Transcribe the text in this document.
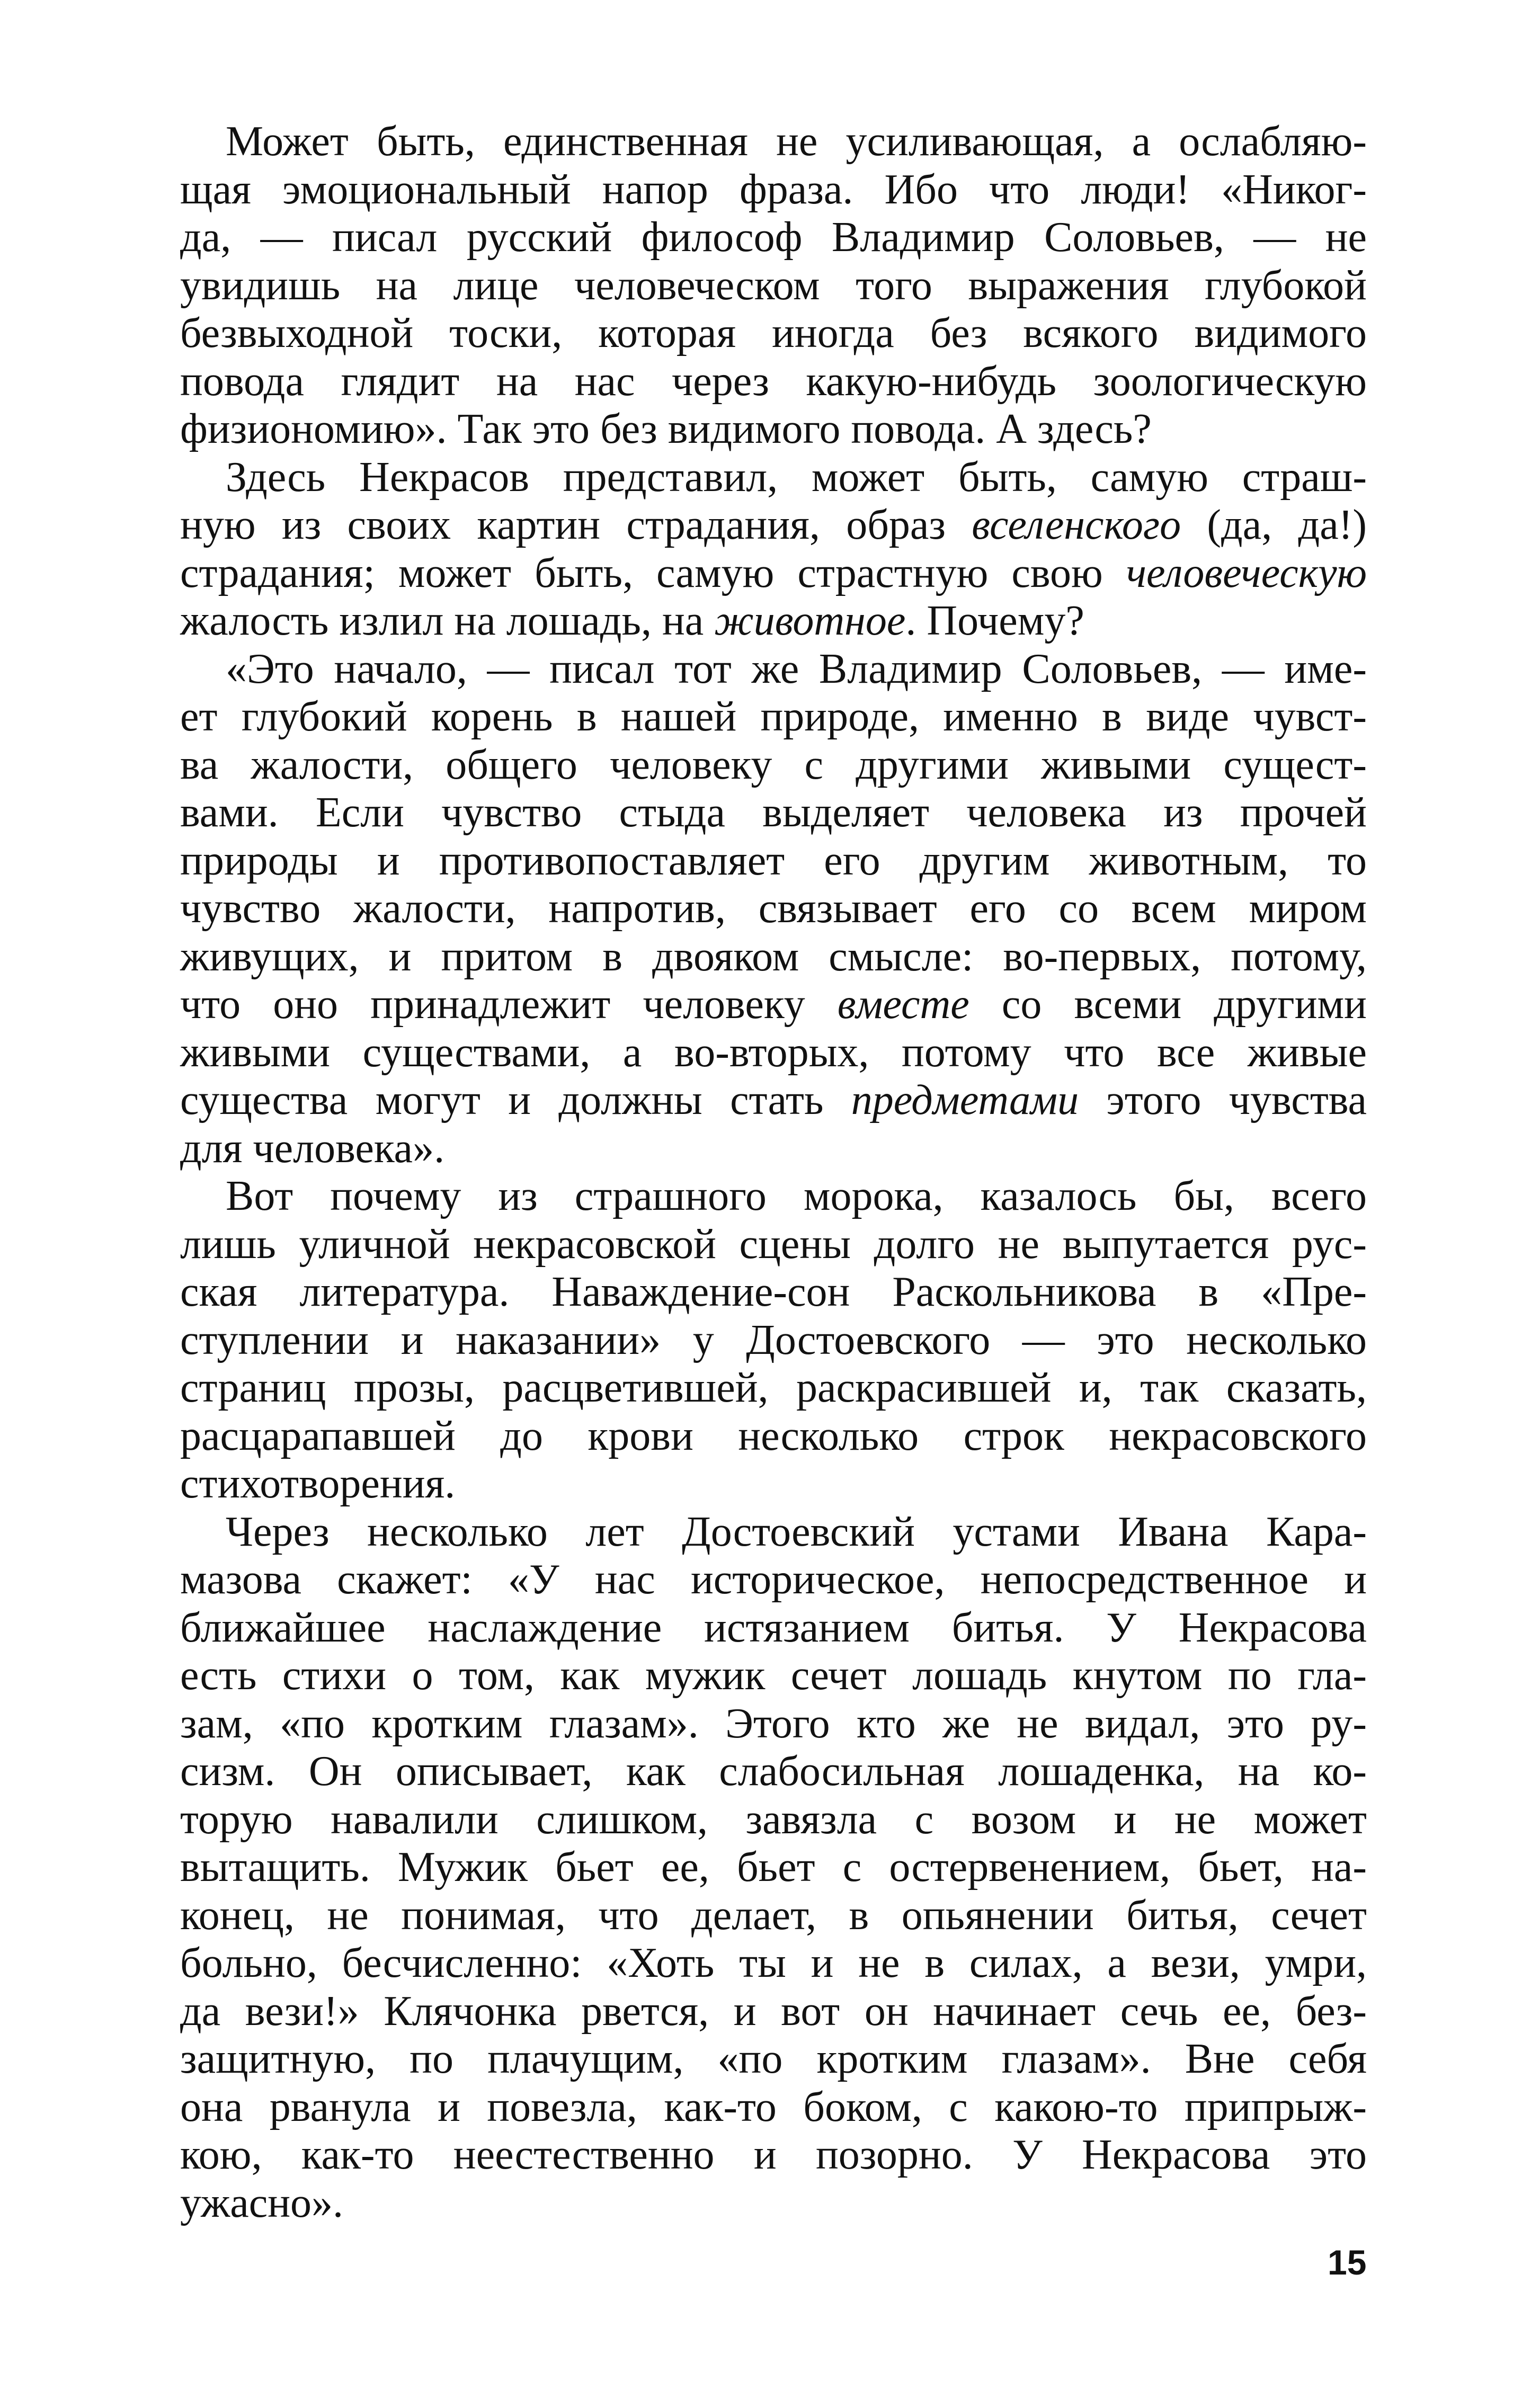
Может быть, единственная не усиливающая, а ослабляю-
щая эмоциональный напор фраза. Ибо что люди! «Никог-
да, — писал русский философ Владимир Соловьев, — не
увидишь на лице человеческом того выражения глубокой
безвыходной тоски, которая иногда без всякого видимого
повода глядит на нас через какую-нибудь зоологическую
физиономию». Так это без видимого повода. А здесь?
Здесь Некрасов представил, может быть, самую страш-
ную из своих картин страдания, образ вселенского (да, да!)
страдания; может быть, самую страстную свою человеческую
жалость излил на лошадь, на животное. Почему?
«Это начало, — писал тот же Владимир Соловьев, — име-
ет глубокий корень в нашей природе, именно в виде чувст-
ва жалости, общего человеку с другими живыми сущест-
вами. Если чувство стыда выделяет человека из прочей
природы и противопоставляет его другим животным, то
чувство жалости, напротив, связывает его со всем миром
живущих, и притом в двояком смысле: во-первых, потому,
что оно принадлежит человеку вместе со всеми другими
живыми существами, а во-вторых, потому что все живые
существа могут и должны стать предметами этого чувства
для человека».
Вот почему из страшного морока, казалось бы, всего
лишь уличной некрасовской сцены долго не выпутается рус-
ская литература. Наваждение-сон Раскольникова в «Пре-
ступлении и наказании» у Достоевского — это несколько
страниц прозы, расцветившей, раскрасившей и, так сказать,
расцарапавшей до крови несколько строк некрасовского
стихотворения.
Через несколько лет Достоевский устами Ивана Кара-
мазова скажет: «У нас историческое, непосредственное и
ближайшее наслаждение истязанием битья. У Некрасова
есть стихи о том, как мужик сечет лошадь кнутом по гла-
зам, «по кротким глазам». Этого кто же не видал, это ру-
сизм. Он описывает, как слабосильная лошаденка, на ко-
торую навалили слишком, завязла с возом и не может
вытащить. Мужик бьет ее, бьет с остервенением, бьет, на-
конец, не понимая, что делает, в опьянении битья, сечет
больно, бесчисленно: «Хоть ты и не в силах, а вези, умри,
да вези!» Клячонка рвется, и вот он начинает сечь ее, без-
защитную, по плачущим, «по кротким глазам». Вне себя
она рванула и повезла, как-то боком, с какою-то припрыж-
кою, как-то неестественно и позорно. У Некрасова это
ужасно».
15
